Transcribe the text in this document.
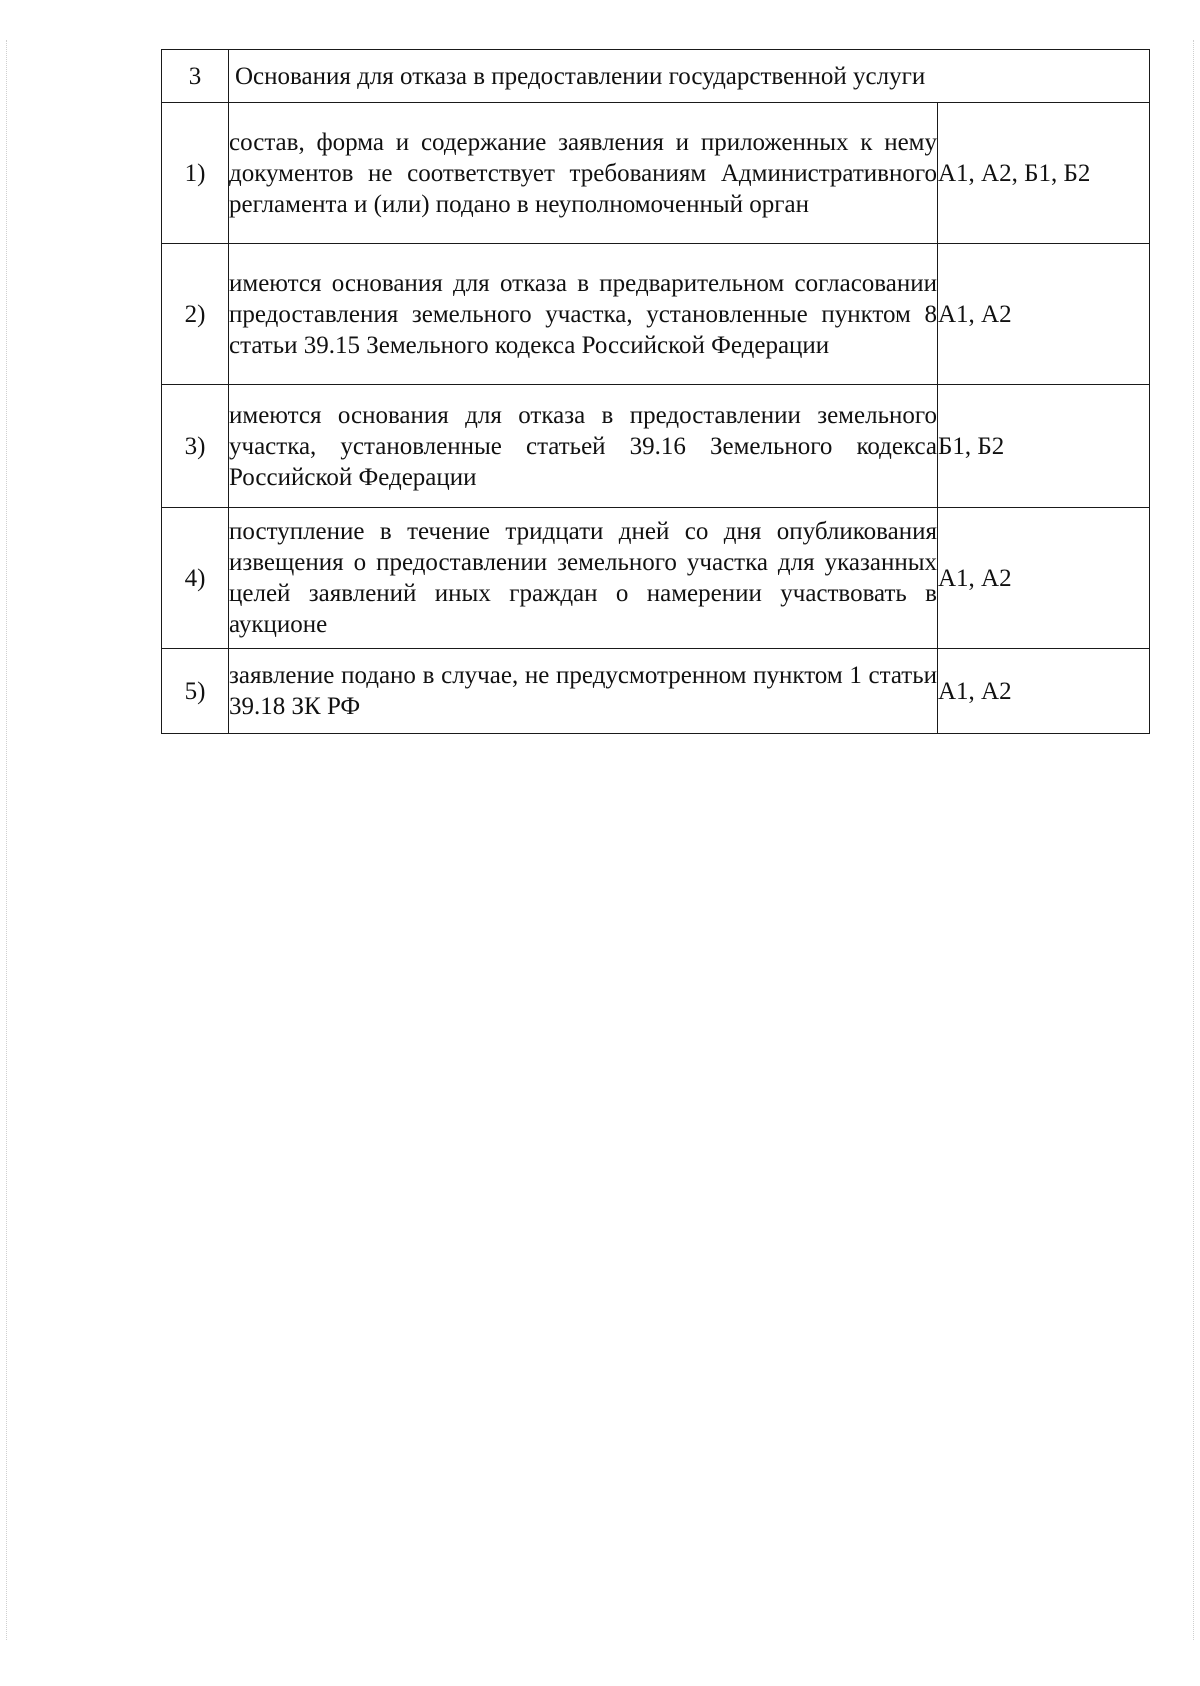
3	Основания для отказа в предоставлении государственной услуги	
1)	состав, форма и содержание заявления и приложенных к нему документов не соответствует требованиям Административного регламента и (или) подано в неуполномоченный орган	А1, А2, Б1, Б2
2)	имеются основания для отказа в предварительном согласовании предоставления земельного участка, установленные пунктом 8 статьи 39.15 Земельного кодекса Российской Федерации	А1, А2
3)	имеются основания для отказа в предоставлении земельного участка, установленные статьей 39.16 Земельного кодекса Российской Федерации	Б1, Б2
4)	поступление в течение тридцати дней со дня опубликования извещения о предоставлении земельного участка для указанных целей заявлений иных граждан о намерении участвовать в аукционе	А1, А2
5)	заявление подано в случае, не предусмотренном пунктом 1 статьи 39.18 ЗК РФ	А1, А2
